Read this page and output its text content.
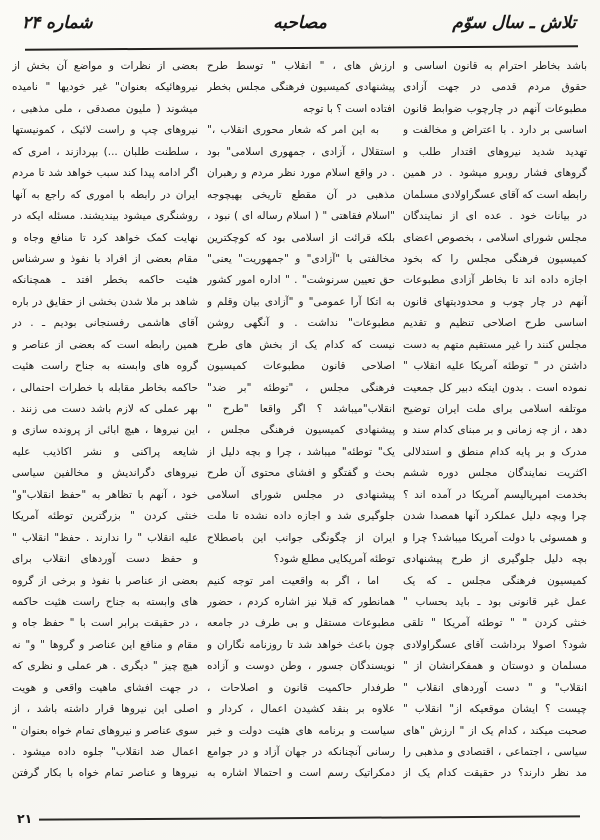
تلاش ـ سال سوّم
مصاحبه
شماره ۲۴
باشد بخاطر احترام به قانون اساسی و
حقوق مردم قدمی در جهت آزادی
مطبوعات آنهم در چارچوب ضوابط قانون
اساسی بر دارد . با اعتراض و مخالفت و
تهدید شدید نیروهای اقتدار طلب و
گروهای فشار روبرو میشود . در همین
رابطه است که آقای عسگراولادی مسلمان
در بیانات خود . عده ای از نمایندگان
مجلس شورای اسلامی ، بخصوص اعضای
کمیسیون فرهنگی مجلس را که بخود
اجازه داده اند تا بخاطر آزادی مطبوعات
آنهم در چار چوب و محدودیتهای قانون
اساسی طرح اصلاحی تنظیم و تقدیم
مجلس کنند را غیر مستقیم متهم به دست
داشتن در " توطئه آمریکا علیه انقلاب "
نموده است . بدون اینکه دبیر کل جمعیت
موتلفه اسلامی برای ملت ایران توضیح
دهد ، از چه زمانی و بر مبنای کدام سند و
مدرک و بر پایه کدام منطق و استدلالی
اکثریت نمایندگان مجلس دوره ششم
بخدمت امپریالیسم آمریکا در آمده اند ؟
چرا وبچه دلیل عملکرد آنها همصدا شدن
و همسوئی با دولت آمریکا میباشد؟ چرا و
بچه دلیل جلوگیری از طرح پیشنهادی
کمیسیون فرهنگی مجلس ـ که یک
عمل غیر قانونی بود ـ باید بحساب "
خنثی کردن " " توطئه آمریکا " تلقی
شود؟ اصولا برداشت آقای عسگراولادی
مسلمان و دوستان و همفکرانشان از "
انقلاب" و " دست آوردهای انقلاب "
چیست ؟ ایشان موقعیکه از" انقلاب "
صحبت میکند ، کدام یک از " ارزش "های
سیاسی ، اجتماعی ، اقتصادی و مذهبی را
مد نظر دارند؟ در حقیقت کدام یک از
ارزش های ، " انقلاب " توسط طرح
پیشنهادی کمیسیون فرهنگی مجلس بخطر
افتاده است ؟ با توجه
به این امر که شعار محوری انقلاب ،"
استقلال ، آزادی ، جمهوری اسلامی" بود
. در واقع اسلام مورد نظر مردم و رهبران
مذهبی در آن مقطع تاریخی بهیچوجه
"اسلام فقاهتی " ( اسلام رساله ای ) نبود ،
بلکه قرائت از اسلامی بود که کوچکترین
مخالفتی با "آزادی" و "جمهوریت" یعنی"
حق تعیین سرنوشت" . " اداره امور کشور
به اتکا آرا عمومی" و "آزادی بیان وقلم و
مطبوعات" نداشت . و آنگهی روشن
نیست که کدام یک از بخش های طرح
اصلاحی قانون مطبوعات کمیسیون
فرهنگی مجلس ، "توطئه "بر ضد"
انقلاب"میباشد ؟ اگر واقعا "طرح "
پیشنهادی کمیسیون فرهنگی مجلس ،
یک" توطئه" میباشد ، چرا و بچه دلیل از
بحث و گفتگو و افشای محتوی آن طرح
پیشنهادی در مجلس شورای اسلامی
جلوگیری شد و اجازه داده نشده تا ملت
ایران از چگونگی جوانب این باصطلاح
توطئه آمریکایی مطلع شود؟
اما ، اگر به واقعیت امر توجه کنیم
همانطور که قبلا نیز اشاره کردم ، حضور
مطبوعات مستقل و بی طرف در جامعه
چون باعث خواهد شد تا روزنامه نگاران و
نویسندگان جسور ، وطن دوست و آزاده
طرفدار حاکمیت قانون و اصلاحات ،
علاوه بر بنقد کشیدن اعمال ، کردار و
سیاست و برنامه های هئیت دولت و خبر
رسانی آنچنانکه در جهان آزاد و در جوامع
دمکراتیک رسم است و احتمالا اشاره به
بعضی از نظرات و مواضع آن بخش از
نیروهائیکه بعنوان" غیر خودیها " نامیده
میشوند ( ملیون مصدقی ، ملی مذهبی ،
نیروهای چپ و راست لائیک ، کمونیستها
، سلطنت طلبان ...) بپردازند ، امری که
اگر ادامه پیدا کند سبب خواهد شد تا مردم
ایران در رابطه با اموری که راجع به آنها
روشنگری میشود بیندیشند. مسئله ایکه در
نهایت کمک خواهد کرد تا منافع وجاه و
مقام بعضی از افراد با نفوذ و سرشناس
هئیت حاکمه بخطر افتد ـ همچنانکه
شاهد بر ملا شدن بخشی از حقایق در باره
آقای هاشمی رفسنجانی بودیم ـ . در
همین رابطه است که بعضی از عناصر و
گروه های وابسته به جناح راست هئیت
حاکمه بخاطر مقابله با خطرات احتمالی ،
بهر عملی که لازم باشد دست می زنند .
این نیروها ، هیچ ابائی از پرونده سازی و
شایعه پراکنی و نشر اکاذیب علیه
نیروهای دگراندیش و مخالفین سیاسی
خود ، آنهم با تظاهر به "حفظ انقلاب"و"
خنثی کردن " بزرگترین توطئه آمریکا
علیه انقلاب " را ندارند . حفظ" انقلاب "
و حفظ دست آوردهای انقلاب برای
بعضی از عناصر با نفوذ و برخی از گروه
های وابسته به جناح راست هئیت حاکمه
، در حقیقت برابر است با " حفظ جاه و
مقام و منافع این عناصر و گروها " و" نه
هیچ چیز " دیگری . هر عملی و نظری که
در جهت افشای ماهیت واقعی و هویت
اصلی این نیروها قرار داشته باشد ، از
سوی عناصر و نیروهای تمام خواه بعنوان "
اعمال ضد انقلاب" جلوه داده میشود .
نیروها و عناصر تمام خواه با بکار گرفتن
۲۱
